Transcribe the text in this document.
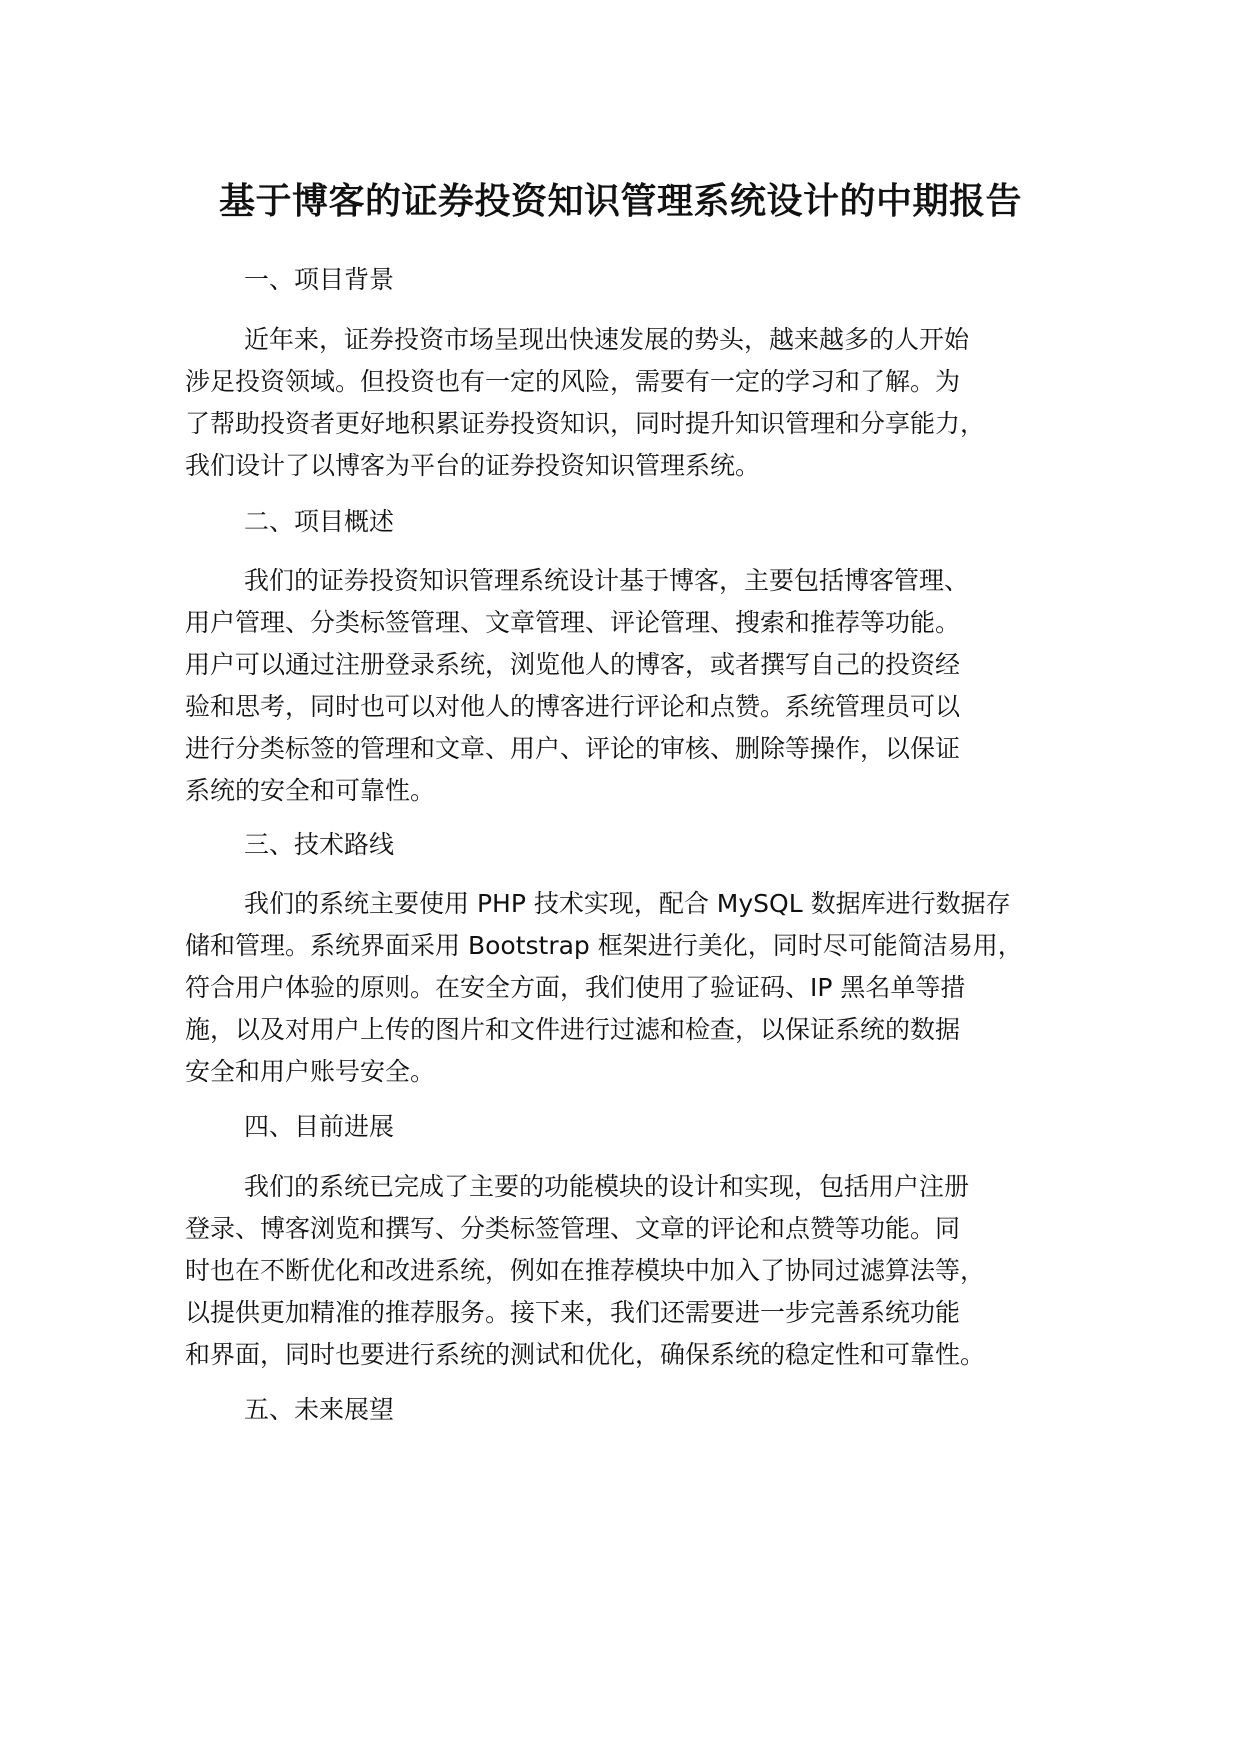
基于博客的证券投资知识管理系统设计的中期报告
一、项目背景
近年来，证券投资市场呈现出快速发展的势头，越来越多的人开始
涉足投资领域。但投资也有一定的风险，需要有一定的学习和了解。为
了帮助投资者更好地积累证券投资知识，同时提升知识管理和分享能力，
我们设计了以博客为平台的证券投资知识管理系统。
二、项目概述
我们的证券投资知识管理系统设计基于博客，主要包括博客管理、
用户管理、分类标签管理、文章管理、评论管理、搜索和推荐等功能。
用户可以通过注册登录系统，浏览他人的博客，或者撰写自己的投资经
验和思考，同时也可以对他人的博客进行评论和点赞。系统管理员可以
进行分类标签的管理和文章、用户、评论的审核、删除等操作，以保证
系统的安全和可靠性。
三、技术路线
我们的系统主要使用 PHP 技术实现，配合 MySQL 数据库进行数据存
储和管理。系统界面采用 Bootstrap 框架进行美化，同时尽可能简洁易用，
符合用户体验的原则。在安全方面，我们使用了验证码、IP 黑名单等措
施，以及对用户上传的图片和文件进行过滤和检查，以保证系统的数据
安全和用户账号安全。
四、目前进展
我们的系统已完成了主要的功能模块的设计和实现，包括用户注册
登录、博客浏览和撰写、分类标签管理、文章的评论和点赞等功能。同
时也在不断优化和改进系统，例如在推荐模块中加入了协同过滤算法等，
以提供更加精准的推荐服务。接下来，我们还需要进一步完善系统功能
和界面，同时也要进行系统的测试和优化，确保系统的稳定性和可靠性。
五、未来展望
